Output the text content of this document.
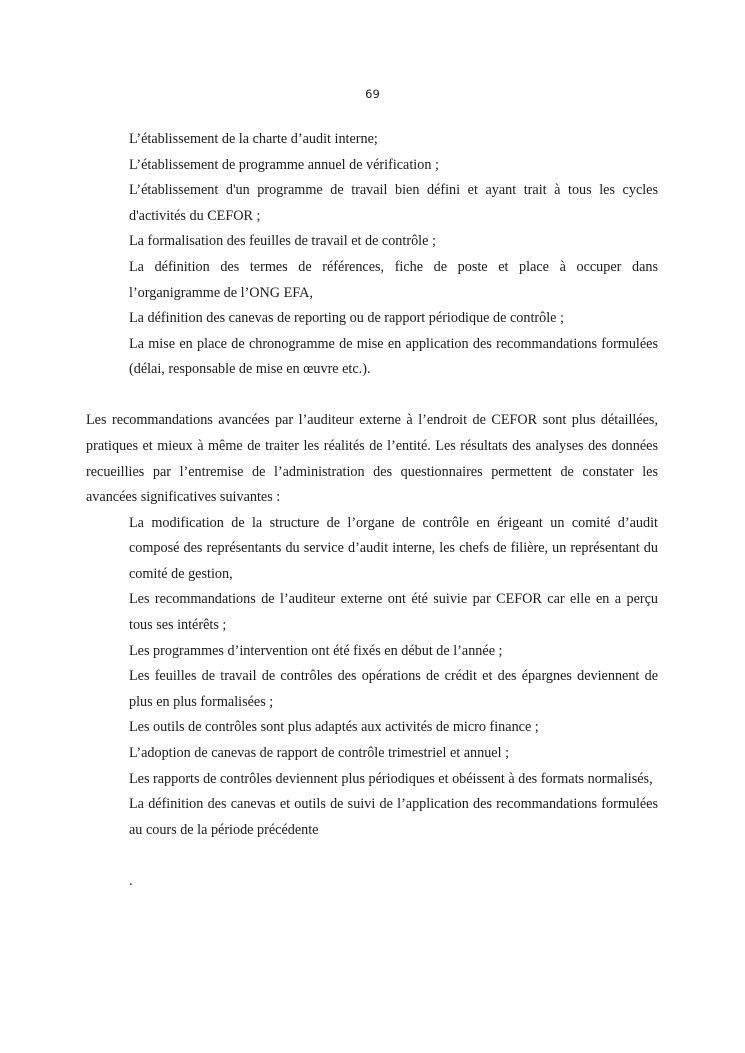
69
L’établissement de la charte d’audit interne;
L’établissement de programme annuel de vérification ;
L’établissement d'un programme de travail bien défini et ayant trait à tous les cycles d'activités du CEFOR ;
La formalisation des feuilles de travail et de contrôle ;
La définition des termes de références, fiche de poste et place à occuper dans l’organigramme de l’ONG EFA,
La définition des canevas de reporting ou de rapport périodique de contrôle ;
La mise en place de chronogramme de mise en application des recommandations formulées (délai, responsable de mise en œuvre etc.).
Les recommandations avancées par l’auditeur externe à l’endroit de CEFOR sont plus détaillées, pratiques et mieux à même de traiter les réalités de l’entité. Les résultats des analyses des données recueillies par l’entremise de l’administration des questionnaires permettent de constater les avancées significatives suivantes :
La modification de la structure de l’organe de contrôle en érigeant un comité d’audit composé des représentants du service d’audit interne, les chefs de filière, un représentant du comité de gestion,
Les recommandations de l’auditeur externe ont été suivie par CEFOR car elle en a perçu tous ses intérêts ;
Les programmes d’intervention ont été fixés en début de l’année ;
Les feuilles de travail de contrôles des opérations de crédit et des épargnes deviennent de plus en plus formalisées ;
Les outils de contrôles sont plus adaptés aux activités de micro finance ;
L’adoption de canevas de rapport de contrôle trimestriel et annuel ;
Les rapports de contrôles deviennent plus périodiques et obéissent à des formats normalisés,
La définition des canevas et outils de suivi de l’application des recommandations formulées au cours de la période précédente
.
